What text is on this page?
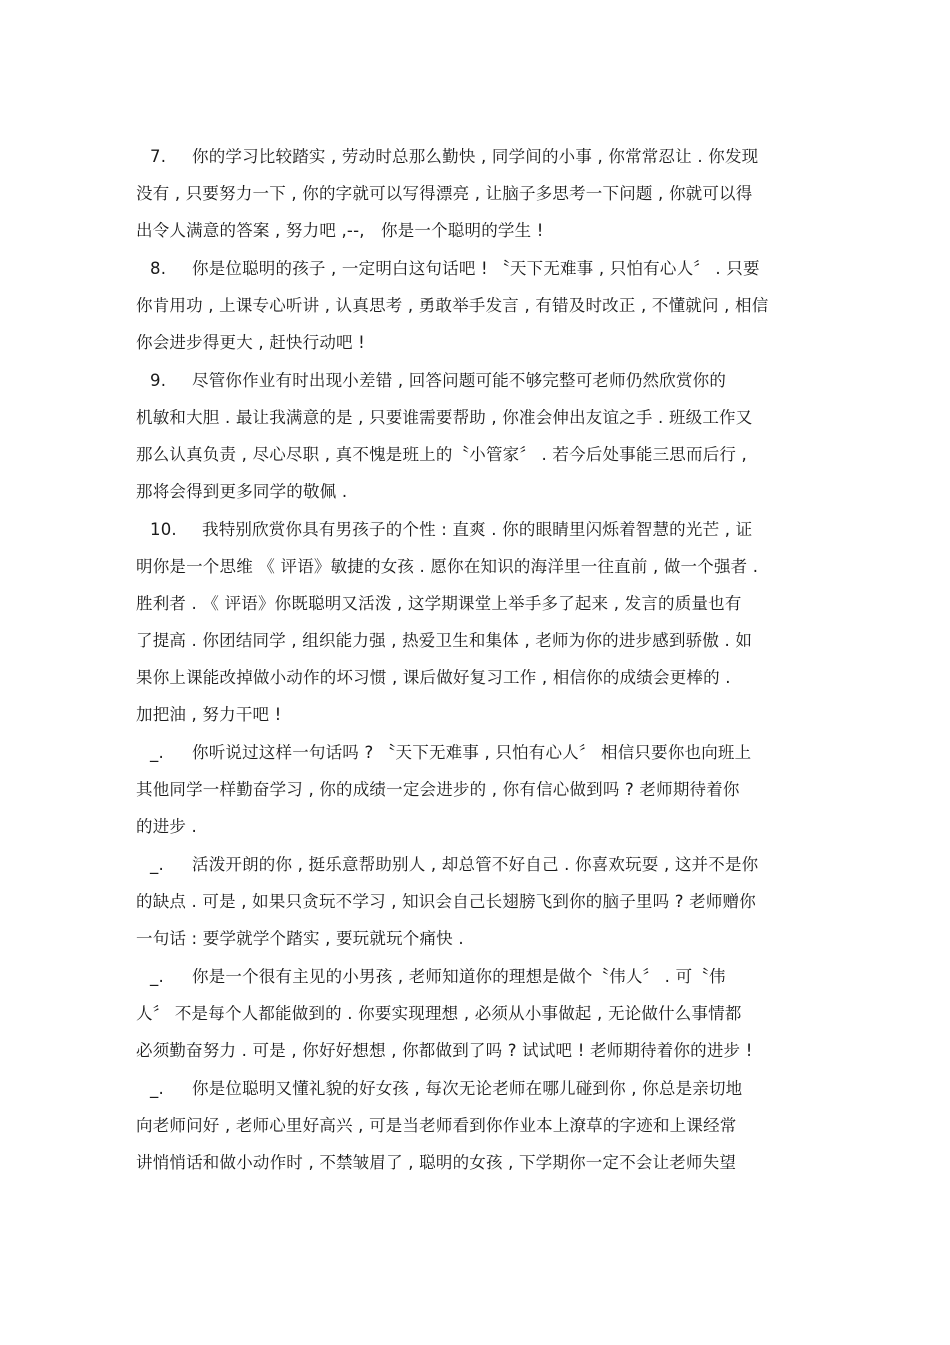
7. 你的学习比较踏实 , 劳动时总那么勤快 , 同学间的小事 , 你常常忍让 . 你发现
没有 , 只要努力一下 , 你的字就可以写得漂亮 , 让脑子多思考一下问题 , 你就可以得
出令人满意的答案 , 努力吧 ,--,   你是一个聪明的学生 !
8. 你是位聪明的孩子 , 一定明白这句话吧 ! 〝天下无难事 , 只怕有心人〞 . 只要
你肯用功 , 上课专心听讲 , 认真思考 , 勇敢举手发言 , 有错及时改正 , 不懂就问 , 相信
你会进步得更大 , 赶快行动吧 !
9. 尽管你作业有时出现小差错 , 回答问题可能不够完整可老师仍然欣赏你的
机敏和大胆 . 最让我满意的是 , 只要谁需要帮助 , 你准会伸出友谊之手 . 班级工作又
那么认真负责 , 尽心尽职 , 真不愧是班上的〝小管家〞 . 若今后处事能三思而后行 ,
那将会得到更多同学的敬佩 .
10. 我特别欣赏你具有男孩子的个性 : 直爽 . 你的眼睛里闪烁着智慧的光芒 , 证
明你是一个思维 《 评语》敏捷的女孩 . 愿你在知识的海洋里一往直前 , 做一个强者 .
胜利者 . 《 评语》你既聪明又活泼 , 这学期课堂上举手多了起来 , 发言的质量也有
了提高 . 你团结同学 , 组织能力强 , 热爱卫生和集体 , 老师为你的进步感到骄傲 . 如
果你上课能改掉做小动作的坏习惯 , 课后做好复习工作 , 相信你的成绩会更棒的 .
加把油 , 努力干吧 !
_. 你听说过这样一句话吗 ? 〝天下无难事 , 只怕有心人〞 相信只要你也向班上
其他同学一样勤奋学习 , 你的成绩一定会进步的 , 你有信心做到吗 ? 老师期待着你
的进步 .
_. 活泼开朗的你 , 挺乐意帮助别人 , 却总管不好自己 . 你喜欢玩耍 , 这并不是你
的缺点 . 可是 , 如果只贪玩不学习 , 知识会自己长翅膀飞到你的脑子里吗 ? 老师赠你
一句话 : 要学就学个踏实 , 要玩就玩个痛快 .
_. 你是一个很有主见的小男孩 , 老师知道你的理想是做个〝伟人〞 . 可〝伟
人〞 不是每个人都能做到的 . 你要实现理想 , 必须从小事做起 , 无论做什么事情都
必须勤奋努力 . 可是 , 你好好想想 , 你都做到了吗 ? 试试吧 ! 老师期待着你的进步 !
_. 你是位聪明又懂礼貌的好女孩 , 每次无论老师在哪儿碰到你 , 你总是亲切地
向老师问好 , 老师心里好高兴 , 可是当老师看到你作业本上潦草的字迹和上课经常
讲悄悄话和做小动作时 , 不禁皱眉了 , 聪明的女孩 , 下学期你一定不会让老师失望
